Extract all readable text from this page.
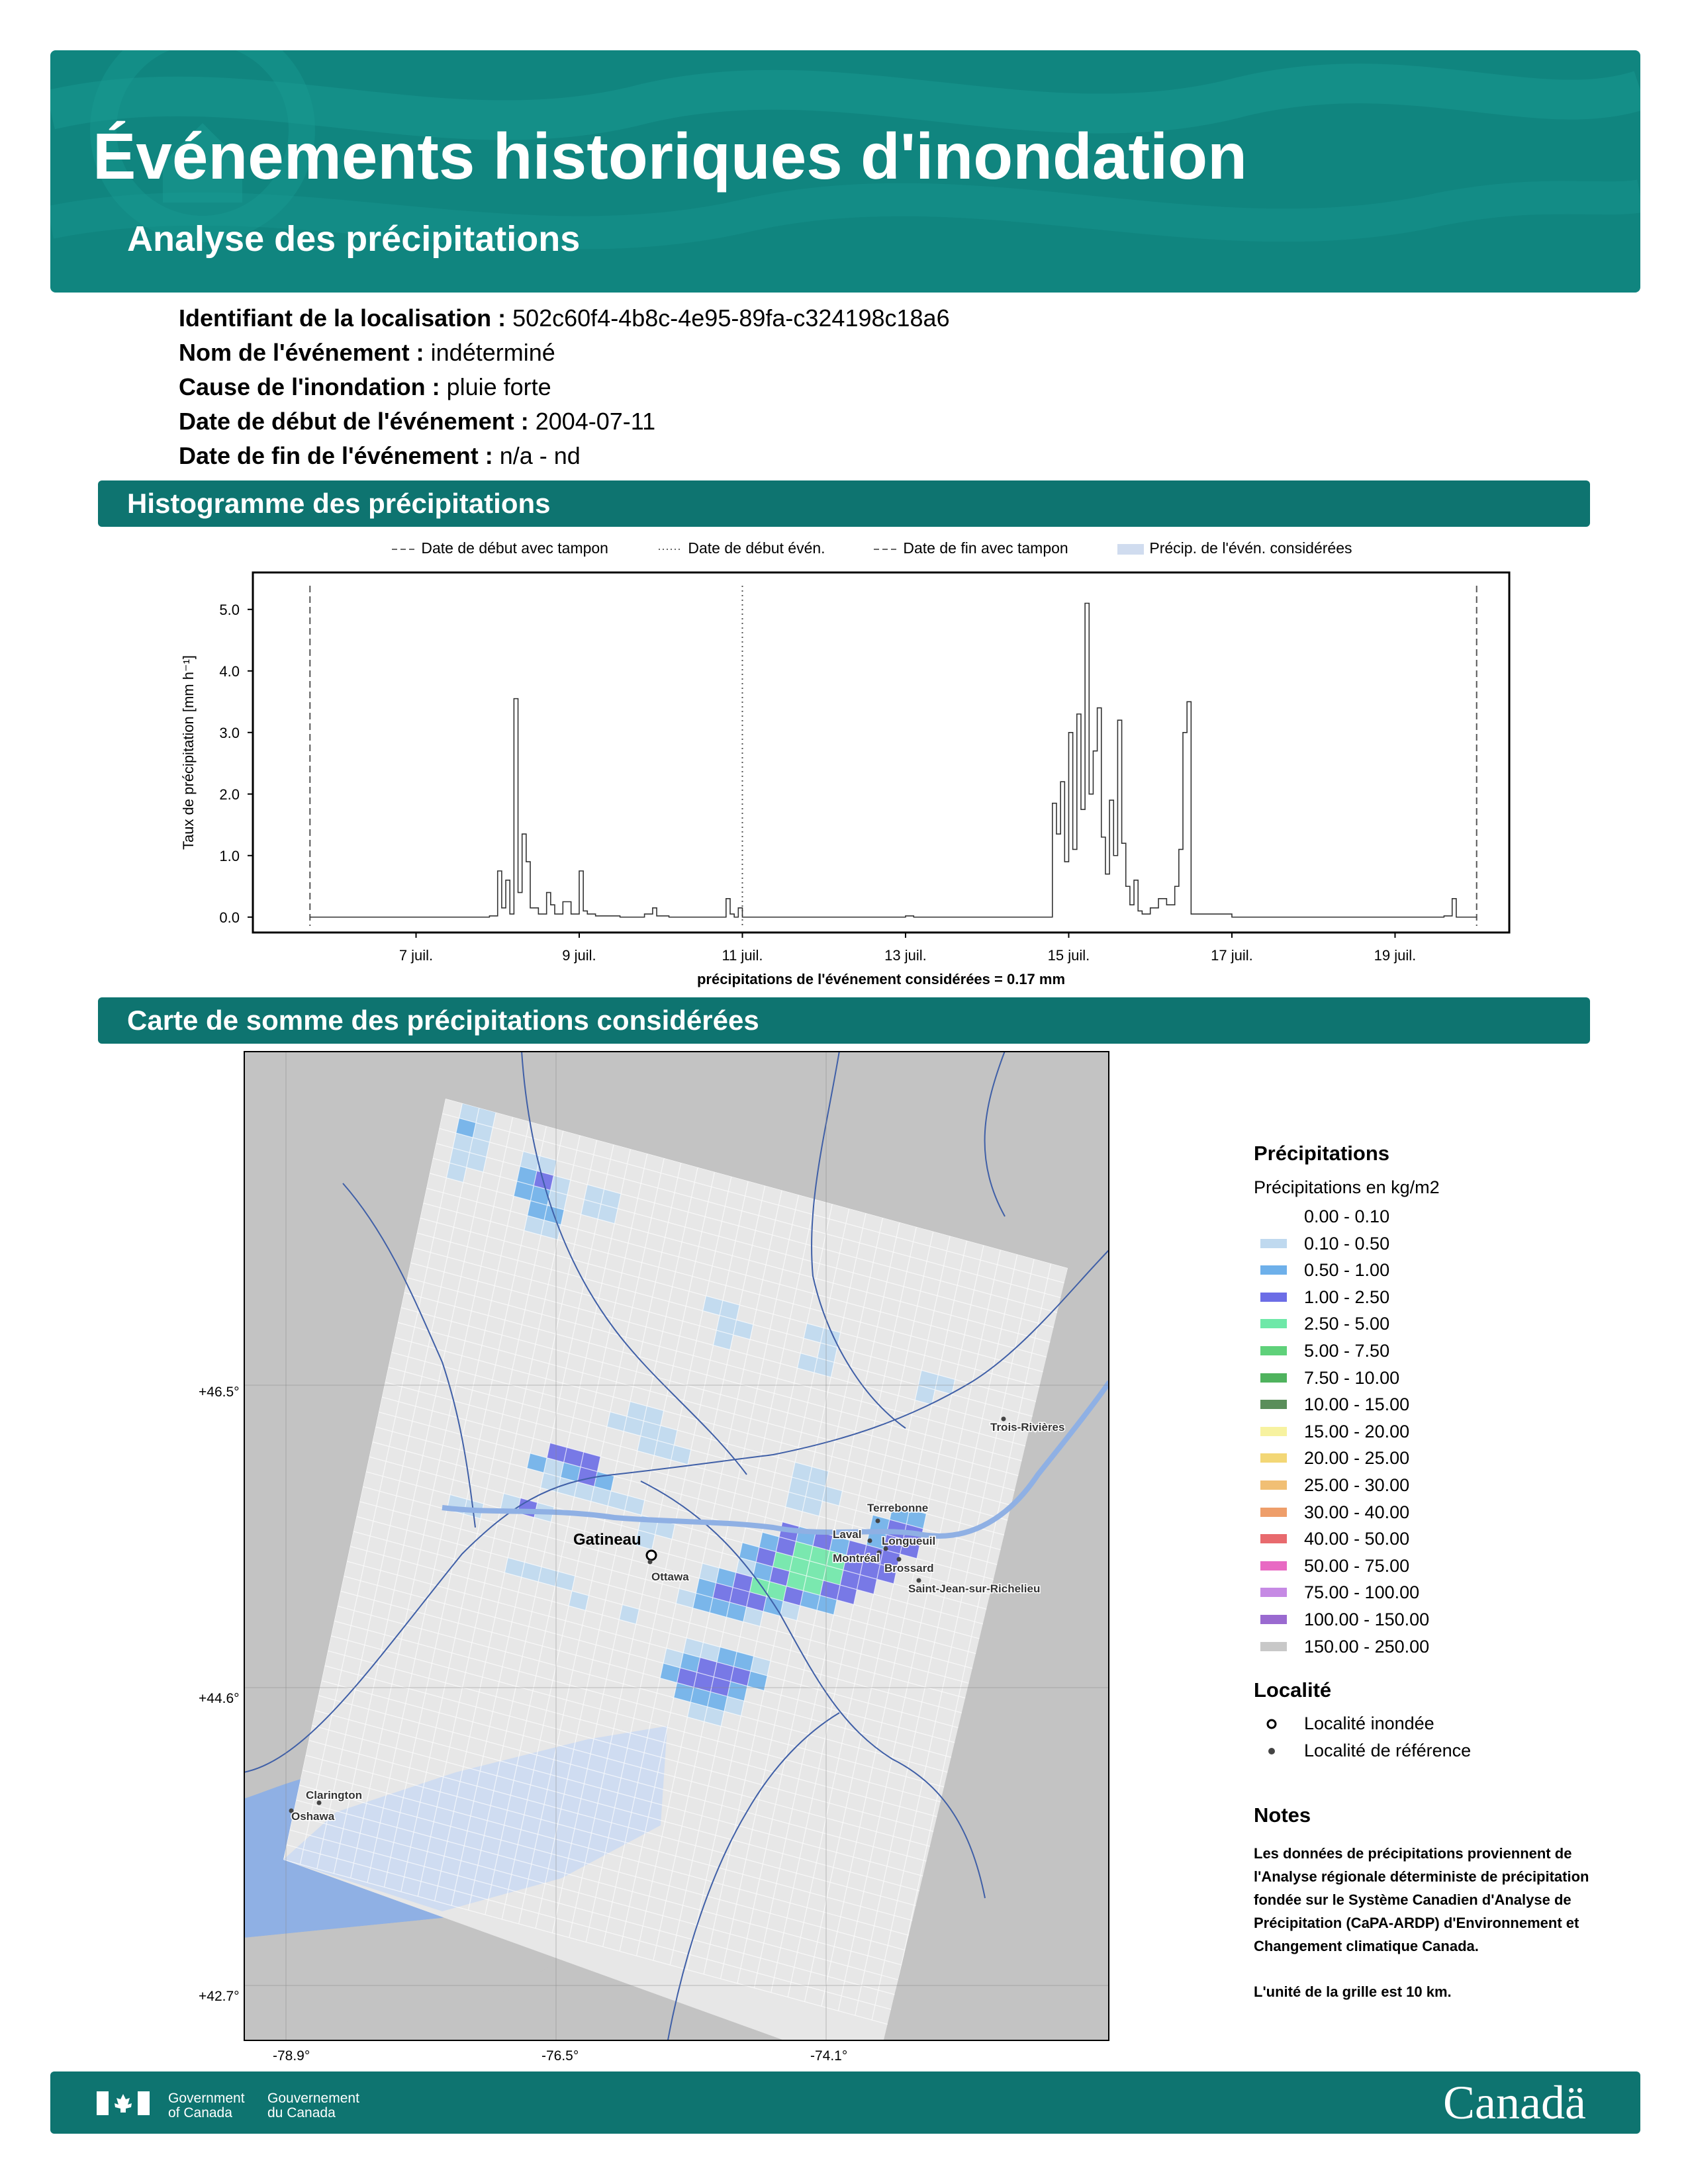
Événements historiques d'inondation
Analyse des précipitations
Identifiant de la localisation : 502c60f4-4b8c-4e95-89fa-c324198c18a6
Nom de l'événement : indéterminé
Cause de l'inondation : pluie forte
Date de début de l'événement : 2004-07-11
Date de fin de l'événement : n/a - nd
Histogramme des précipitations
Date de début avec tampon	Date de début évén.	Date de fin avec tampon	Précip. de l'évén. considérées
0.0
1.0
2.0
3.0
4.0
5.0
7 juil.	9 juil.	11 juil.	13 juil.	15 juil.	17 juil.	19 juil.
Taux de précipitation [mm h⁻¹]
précipitations de l'événement considérées = 0.17 mm
Carte de somme des précipitations considérées
Gatineau
Ottawa
Terrebonne
Laval
Longueuil
Montréal
Brossard
Saint-Jean-sur-Richelieu
Trois-Rivières
Clarington
Oshawa
+46.5°
+44.6°
+42.7°
-78.9°	-76.5°	-74.1°
Précipitations
Précipitations en kg/m2
0.00 - 0.10
0.10 - 0.50
0.50 - 1.00
1.00 - 2.50
2.50 - 5.00
5.00 - 7.50
7.50 - 10.00
10.00 - 15.00
15.00 - 20.00
20.00 - 25.00
25.00 - 30.00
30.00 - 40.00
40.00 - 50.00
50.00 - 75.00
75.00 - 100.00
100.00 - 150.00
150.00 - 250.00
Localité
Localité inondée
Localité de référence
Notes
Les données de précipitations proviennent de l'Analyse régionale déterministe de précipitation fondée sur le Système Canadien d'Analyse de Précipitation (CaPA-ARDP) d'Environnement et Changement climatique Canada.
L'unité de la grille est 10 km.
Government
of Canada
Gouvernement
du Canada	Canadä
